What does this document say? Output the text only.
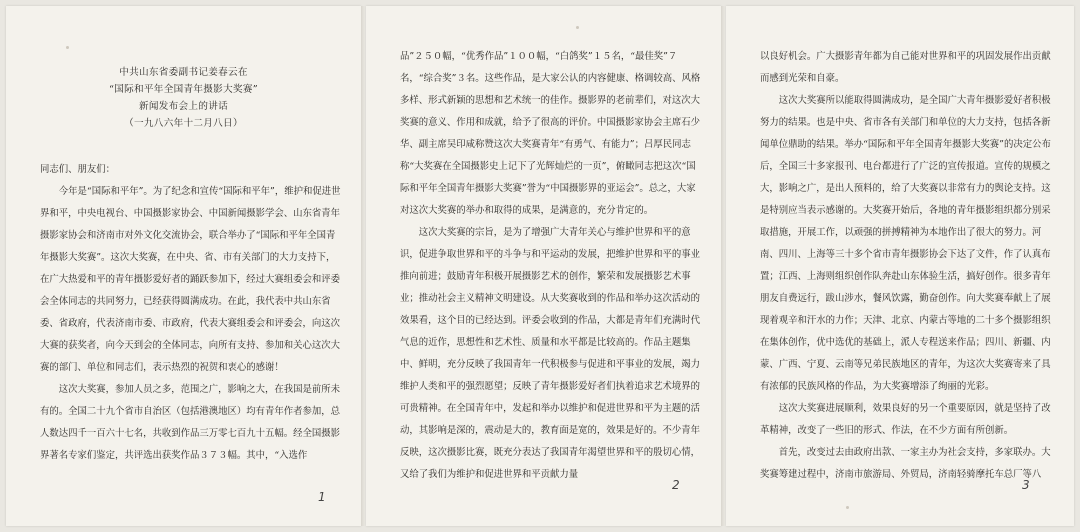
中共山东省委副书记姜春云在
“国际和平年全国青年摄影大奖赛”
新闻发布会上的讲话
（一九八六年十二月八日）

同志们、朋友们：

今年是“国际和平年”。为了纪念和宣传“国际和平年”，维护和促进世界和平，中央电视台、中国摄影家协会、中国新闻摄影学会、山东省青年摄影家协会和济南市对外文化交流协会，联合举办了“国际和平年全国青年摄影大奖赛”。这次大奖赛，在中央、省、市有关部门的大力支持下，在广大热爱和平的青年摄影爱好者的踊跃参加下，经过大赛组委会和评委会全体同志的共同努力，已经获得圆满成功。在此，我代表中共山东省委、省政府，代表济南市委、市政府，代表大赛组委会和评委会，向这次大赛的获奖者，向今天到会的全体同志，向所有支持、参加和关心这次大赛的部门、单位和同志们，表示热烈的祝贺和衷心的感谢！

这次大奖赛，参加人员之多，范围之广，影响之大，在我国是前所未有的。全国二十九个省市自治区（包括港澳地区）均有青年作者参加，总人数达四千一百六十七名，共收到作品三万零七百九十五幅。经全国摄影界著名专家们鉴定，共评选出获奖作品３７３幅。其中，“入选作

1

品”２５０幅，“优秀作品”１００幅，“白鸽奖”１５名，“最佳奖”７名，“综合奖”３名。这些作品，是大家公认的内容健康、格调较高、风格多样、形式新颖的思想和艺术统一的佳作。摄影界的老前辈们，对这次大奖赛的意义、作用和成就，给予了很高的评价。中国摄影家协会主席石少华、副主席吴印咸称赞这次大奖赛青年“有勇气、有能力”；吕厚民同志称“大奖赛在全国摄影史上记下了光辉灿烂的一页”，俯瞰同志把这次“国际和平年全国青年摄影大奖赛”誉为“中国摄影界的亚运会”。总之，大家对这次大奖赛的举办和取得的成果，是满意的，充分肯定的。

这次大奖赛的宗旨，是为了增强广大青年关心与维护世界和平的意识，促进争取世界和平的斗争与和平运动的发展，把维护世界和平的事业推向前进；鼓励青年积极开展摄影艺术的创作，繁荣和发展摄影艺术事业；推动社会主义精神文明建设。从大奖赛收到的作品和举办这次活动的效果看，这个目的已经达到。评委会收到的作品，大都是青年们充满时代气息的近作，思想性和艺术性、质量和水平都是比较高的。作品主题集中、鲜明，充分反映了我国青年一代积极参与促进和平事业的发展，竭力维护人类和平的强烈愿望；反映了青年摄影爱好者们执着追求艺术境界的可贵精神。在全国青年中，发起和举办以维护和促进世界和平为主题的活动，其影响是深的，震动是大的，教育面是宽的，效果是好的。不少青年反映，这次摄影比赛，既充分表达了我国青年渴望世界和平的殷切心情，又给了我们为维护和促进世界和平贡献力量

2

以良好机会。广大摄影青年都为自己能对世界和平的巩固发展作出贡献而感到光荣和自豪。

这次大奖赛所以能取得圆满成功，是全国广大青年摄影爱好者积极努力的结果。也是中央、省市各有关部门和单位的大力支持，包括各新闻单位鼎助的结果。举办“国际和平年全国青年摄影大奖赛”的决定公布后，全国三十多家报刊、电台都进行了广泛的宣传报道。宣传的规模之大，影响之广，是出人预料的，给了大奖赛以非常有力的舆论支持。这是特别应当表示感谢的。大奖赛开始后，各地的青年摄影组织都分别采取措施，开展工作，以顽强的拼搏精神为本地作出了很大的努力。河南、四川、上海等三十多个省市青年摄影协会下达了文件，作了认真布置；江西、上海则组织创作队奔赴山东体验生活，搞好创作。很多青年朋友自费远行，跋山涉水，餐风饮露，勤奋创作。向大奖赛奉献上了展现着观辛和汗水的力作；天津、北京、内蒙古等地的二十多个摄影组织在集体创作，优中选优的基础上，派人专程送来作品；四川、新疆、内蒙、广西、宁夏、云南等兄弟民族地区的青年，为这次大奖赛寄来了具有浓郁的民族风格的作品，为大奖赛增添了绚丽的光彩。

这次大奖赛进展顺利，效果良好的另一个重要原因，就是坚持了改革精神，改变了一些旧的形式、作法，在不少方面有所创新。

首先，改变过去由政府出款、一家主办为社会支持，多家联办。大奖赛筹建过程中，济南市旅游局、外贸局，济南轻骑摩托车总厂等八

3
